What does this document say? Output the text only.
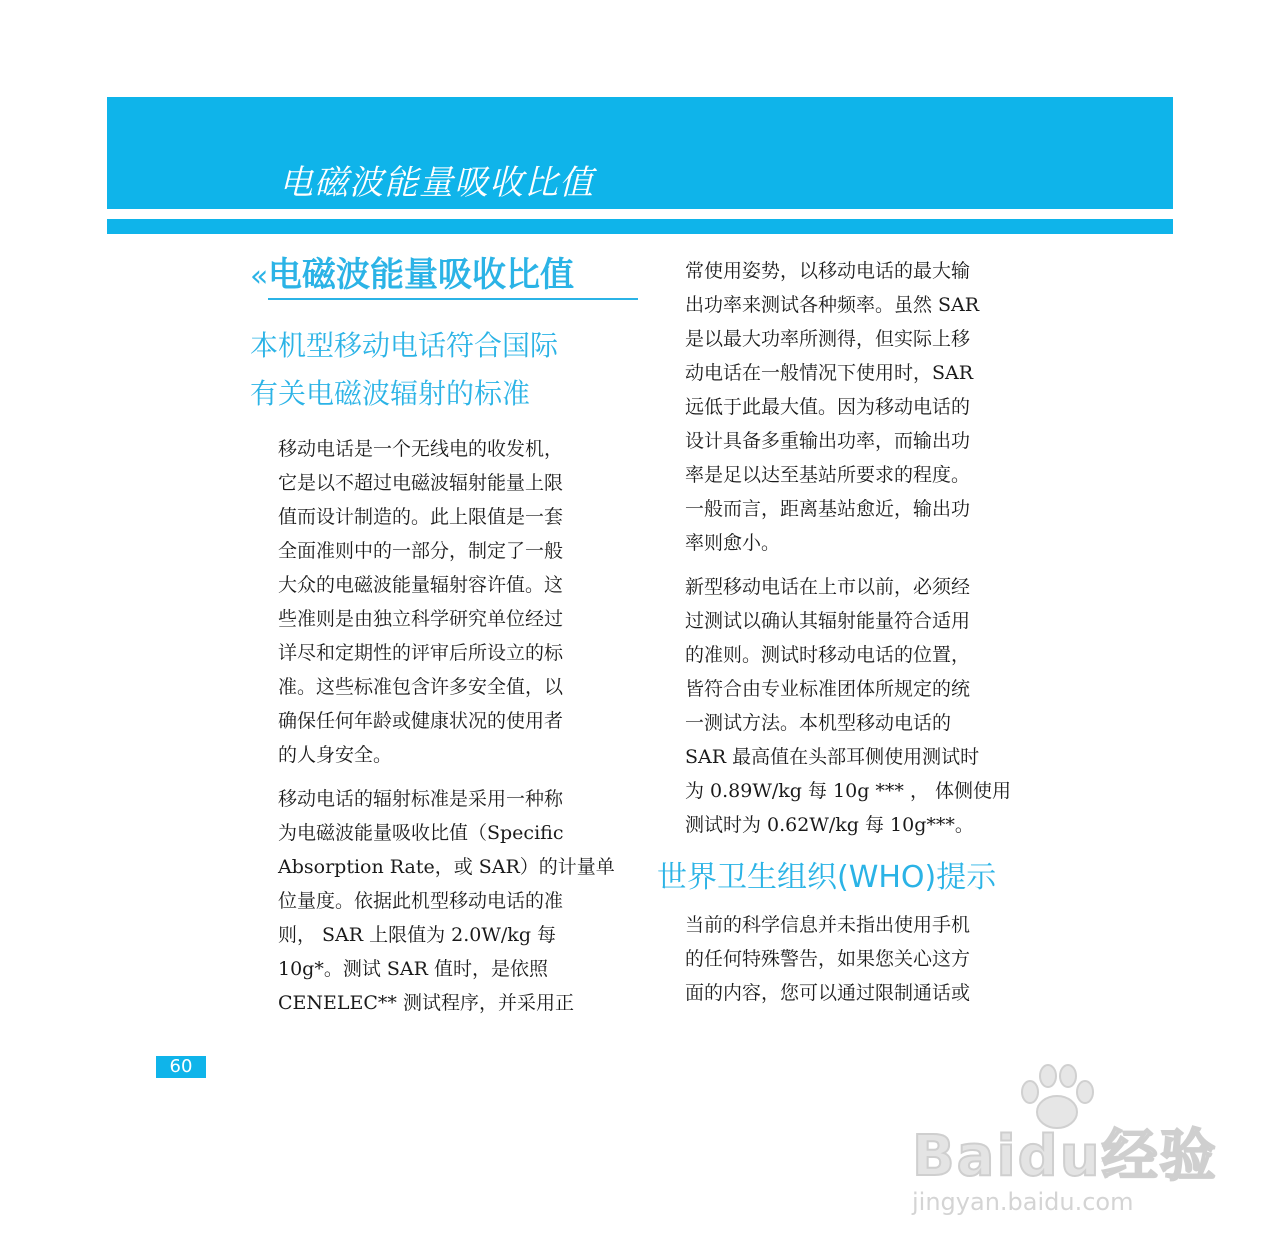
电磁波能量吸收比值
« 电磁波能量吸收比值
本机型移动电话符合国际
有关电磁波辐射的标准

移动电话是一个无线电的收发机，
它是以不超过电磁波辐射能量上限
值而设计制造的。此上限值是一套
全面准则中的一部分，制定了一般
大众的电磁波能量辐射容许值。这
些准则是由独立科学研究单位经过
详尽和定期性的评审后所设立的标
准。这些标准包含许多安全值，以
确保任何年龄或健康状况的使用者
的人身安全。

移动电话的辐射标准是采用一种称
为电磁波能量吸收比值（Specific
Absorption Rate，或 SAR）的计量单
位量度。依据此机型移动电话的准
则， SAR 上限值为 2.0W/kg 每
10g*。测试 SAR 值时，是依照
CENELEC** 测试程序，并采用正

常使用姿势，以移动电话的最大输
出功率来测试各种频率。虽然 SAR
是以最大功率所测得，但实际上移
动电话在一般情况下使用时，SAR
远低于此最大值。因为移动电话的
设计具备多重输出功率，而输出功
率是足以达至基站所要求的程度。
一般而言，距离基站愈近，输出功
率则愈小。

新型移动电话在上市以前，必须经
过测试以确认其辐射能量符合适用
的准则。测试时移动电话的位置，
皆符合由专业标准团体所规定的统
一测试方法。本机型移动电话的
SAR 最高值在头部耳侧使用测试时
为 0.89W/kg 每 10g *** ， 体侧使用
测试时为 0.62W/kg 每 10g***。

世界卫生组织(WHO)提示

当前的科学信息并未指出使用手机
的任何特殊警告，如果您关心这方
面的内容，您可以通过限制通话或

60
Baidu经验
jingyan.baidu.com
